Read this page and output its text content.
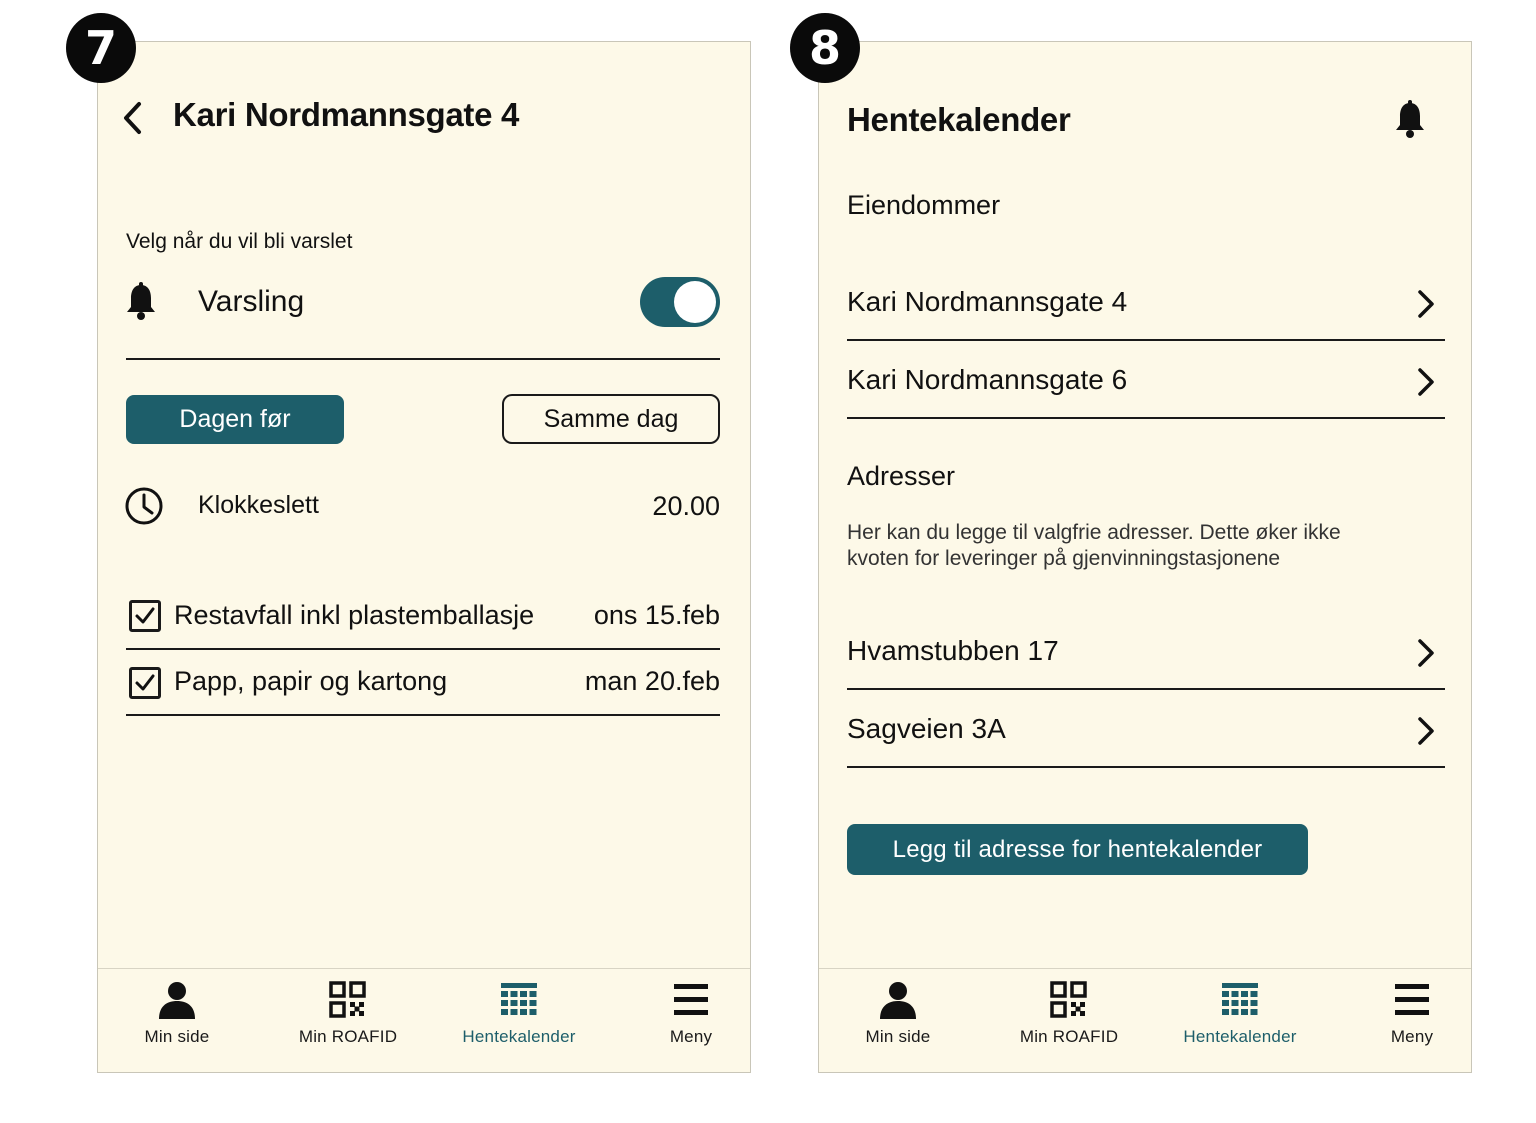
7	8
Kari Nordmannsgate 4
Velg når du vil bli varslet
Varsling
Dagen før	Samme dag
Klokkeslett	20.00
Restavfall inkl plastemballasje ons 15.feb
Papp, papir og kartong	man 20.feb
Min side	Min ROAFID	Hentekalender	Meny
Hentekalender
Eiendommer
Kari Nordmannsgate 4
Kari Nordmannsgate 6
Adresser
Her kan du legge til valgfrie adresser. Dette øker ikke
kvoten for leveringer på gjenvinningstasjonene
Hvamstubben 17
Sagveien 3A
Legg til adresse for hentekalender
Min side	Min ROAFID	Hentekalender	Meny
